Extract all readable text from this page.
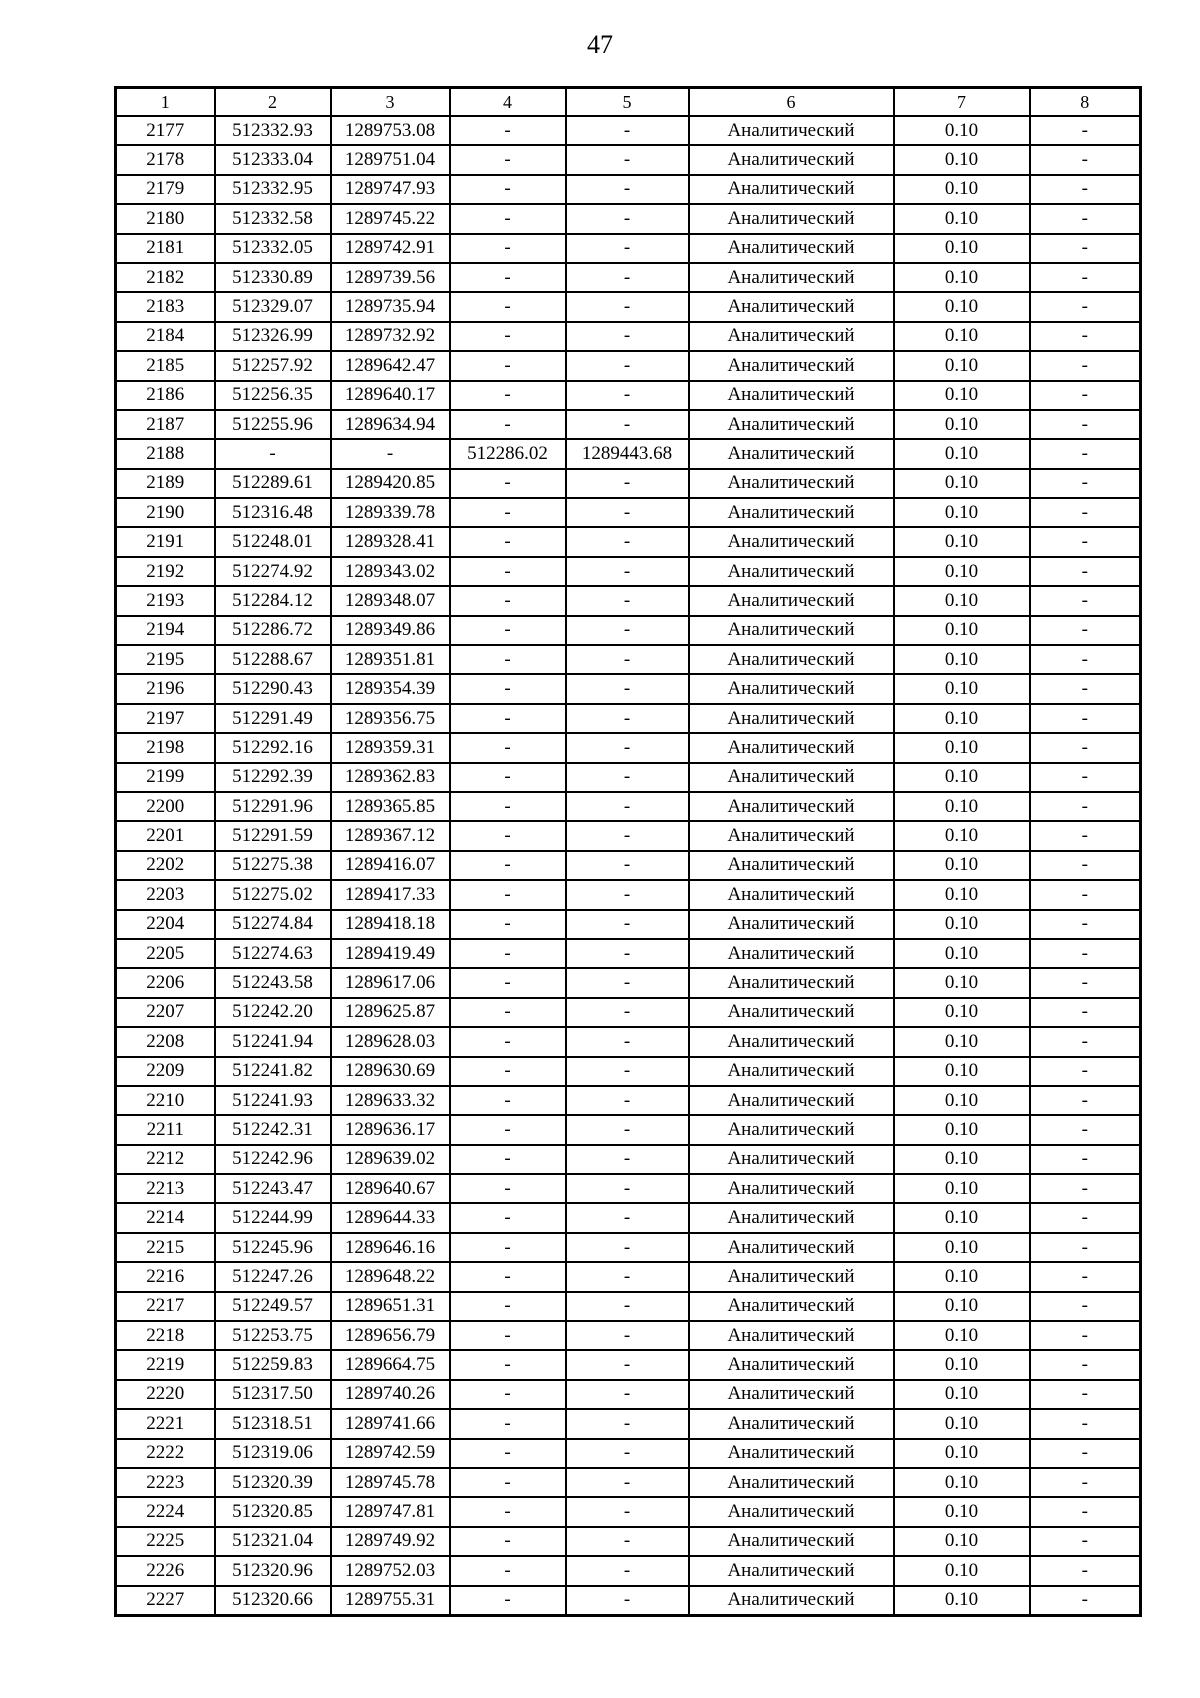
47
1	2	3	4	5	6	7	8
2177	512332.93	1289753.08	-	-	Аналитический	0.10	-
2178	512333.04	1289751.04	-	-	Аналитический	0.10	-
2179	512332.95	1289747.93	-	-	Аналитический	0.10	-
2180	512332.58	1289745.22	-	-	Аналитический	0.10	-
2181	512332.05	1289742.91	-	-	Аналитический	0.10	-
2182	512330.89	1289739.56	-	-	Аналитический	0.10	-
2183	512329.07	1289735.94	-	-	Аналитический	0.10	-
2184	512326.99	1289732.92	-	-	Аналитический	0.10	-
2185	512257.92	1289642.47	-	-	Аналитический	0.10	-
2186	512256.35	1289640.17	-	-	Аналитический	0.10	-
2187	512255.96	1289634.94	-	-	Аналитический	0.10	-
2188	-	-	512286.02	1289443.68	Аналитический	0.10	-
2189	512289.61	1289420.85	-	-	Аналитический	0.10	-
2190	512316.48	1289339.78	-	-	Аналитический	0.10	-
2191	512248.01	1289328.41	-	-	Аналитический	0.10	-
2192	512274.92	1289343.02	-	-	Аналитический	0.10	-
2193	512284.12	1289348.07	-	-	Аналитический	0.10	-
2194	512286.72	1289349.86	-	-	Аналитический	0.10	-
2195	512288.67	1289351.81	-	-	Аналитический	0.10	-
2196	512290.43	1289354.39	-	-	Аналитический	0.10	-
2197	512291.49	1289356.75	-	-	Аналитический	0.10	-
2198	512292.16	1289359.31	-	-	Аналитический	0.10	-
2199	512292.39	1289362.83	-	-	Аналитический	0.10	-
2200	512291.96	1289365.85	-	-	Аналитический	0.10	-
2201	512291.59	1289367.12	-	-	Аналитический	0.10	-
2202	512275.38	1289416.07	-	-	Аналитический	0.10	-
2203	512275.02	1289417.33	-	-	Аналитический	0.10	-
2204	512274.84	1289418.18	-	-	Аналитический	0.10	-
2205	512274.63	1289419.49	-	-	Аналитический	0.10	-
2206	512243.58	1289617.06	-	-	Аналитический	0.10	-
2207	512242.20	1289625.87	-	-	Аналитический	0.10	-
2208	512241.94	1289628.03	-	-	Аналитический	0.10	-
2209	512241.82	1289630.69	-	-	Аналитический	0.10	-
2210	512241.93	1289633.32	-	-	Аналитический	0.10	-
2211	512242.31	1289636.17	-	-	Аналитический	0.10	-
2212	512242.96	1289639.02	-	-	Аналитический	0.10	-
2213	512243.47	1289640.67	-	-	Аналитический	0.10	-
2214	512244.99	1289644.33	-	-	Аналитический	0.10	-
2215	512245.96	1289646.16	-	-	Аналитический	0.10	-
2216	512247.26	1289648.22	-	-	Аналитический	0.10	-
2217	512249.57	1289651.31	-	-	Аналитический	0.10	-
2218	512253.75	1289656.79	-	-	Аналитический	0.10	-
2219	512259.83	1289664.75	-	-	Аналитический	0.10	-
2220	512317.50	1289740.26	-	-	Аналитический	0.10	-
2221	512318.51	1289741.66	-	-	Аналитический	0.10	-
2222	512319.06	1289742.59	-	-	Аналитический	0.10	-
2223	512320.39	1289745.78	-	-	Аналитический	0.10	-
2224	512320.85	1289747.81	-	-	Аналитический	0.10	-
2225	512321.04	1289749.92	-	-	Аналитический	0.10	-
2226	512320.96	1289752.03	-	-	Аналитический	0.10	-
2227	512320.66	1289755.31	-	-	Аналитический	0.10	-
